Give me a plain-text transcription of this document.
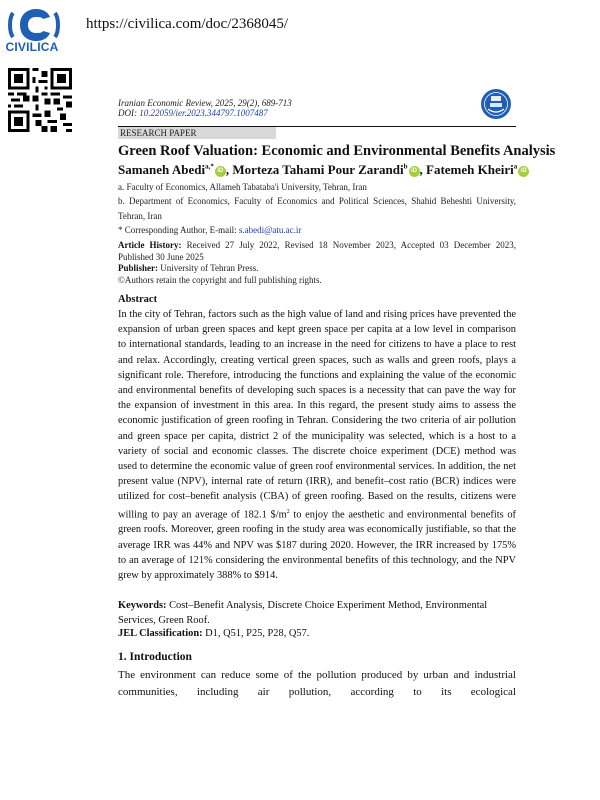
CIVILICA
https://civilica.com/doc/2368045/
Iranian Economic Review, 2025, 29(2), 689-713
DOI: 10.22059/ier.2023.344797.1007487
RESEARCH PAPER
Green Roof Valuation: Economic and Environmental Benefits Analysis
Samaneh Abedi$^{a,*}$iD , Morteza Tahami Pour Zarandi$^b$iD , Fatemeh Kheiri$^a$iD
a. Faculty of Economics, Allameh Tabataba'i University, Tehran, Iran
b. Department of Economics, Faculty of Economics and Political Sciences, Shahid Beheshti University, Tehran, Iran
* Corresponding Author, E-mail: s.abedi@atu.ac.ir
Article History: Received 27 July 2022, Revised 18 November 2023, Accepted 03 December 2023, Published 30 June 2025
Publisher: University of Tehran Press.
©Authors retain the copyright and full publishing rights.
Abstract
In the city of Tehran, factors such as the high value of land and rising prices have prevented the expansion of urban green spaces and kept green space per capita at a low level in comparison to international standards, leading to an increase in the need for citizens to have a place to rest and relax. Accordingly, creating vertical green spaces, such as walls and green roofs, plays a significant role. Therefore, introducing the functions and explaining the value of the economic and environmental benefits of developing such spaces is a necessity that can pave the way for the expansion of investment in this area. In this regard, the present study aims to assess the economic justification of green roofing in Tehran. Considering the two criteria of air pollution and green space per capita, district 2 of the municipality was selected, which is a host to a variety of social and economic classes. The discrete choice experiment (DCE) method was used to determine the economic value of green roof environmental services. In addition, the net present value (NPV), internal rate of return (IRR), and benefit–cost ratio (BCR) indices were utilized for cost–benefit analysis (CBA) of green roofing. Based on the results, citizens were willing to pay an average of 182.1 $\$/m^2$ to enjoy the aesthetic and environmental benefits of green roofs. Moreover, green roofing in the study area was economically justifiable, so that the average IRR was 44% and NPV was $187 during 2020. However, the IRR increased by 175% to an average of 121% considering the environmental benefits of this technology, and the NPV grew by approximately 388% to $914.
Keywords: Cost–Benefit Analysis, Discrete Choice Experiment Method, Environmental Services, Green Roof.
JEL Classification: D1, Q51, P25, P28, Q57.
1. Introduction
The environment can reduce some of the pollution produced by urban and industrial communities, including air pollution, according to its ecological
